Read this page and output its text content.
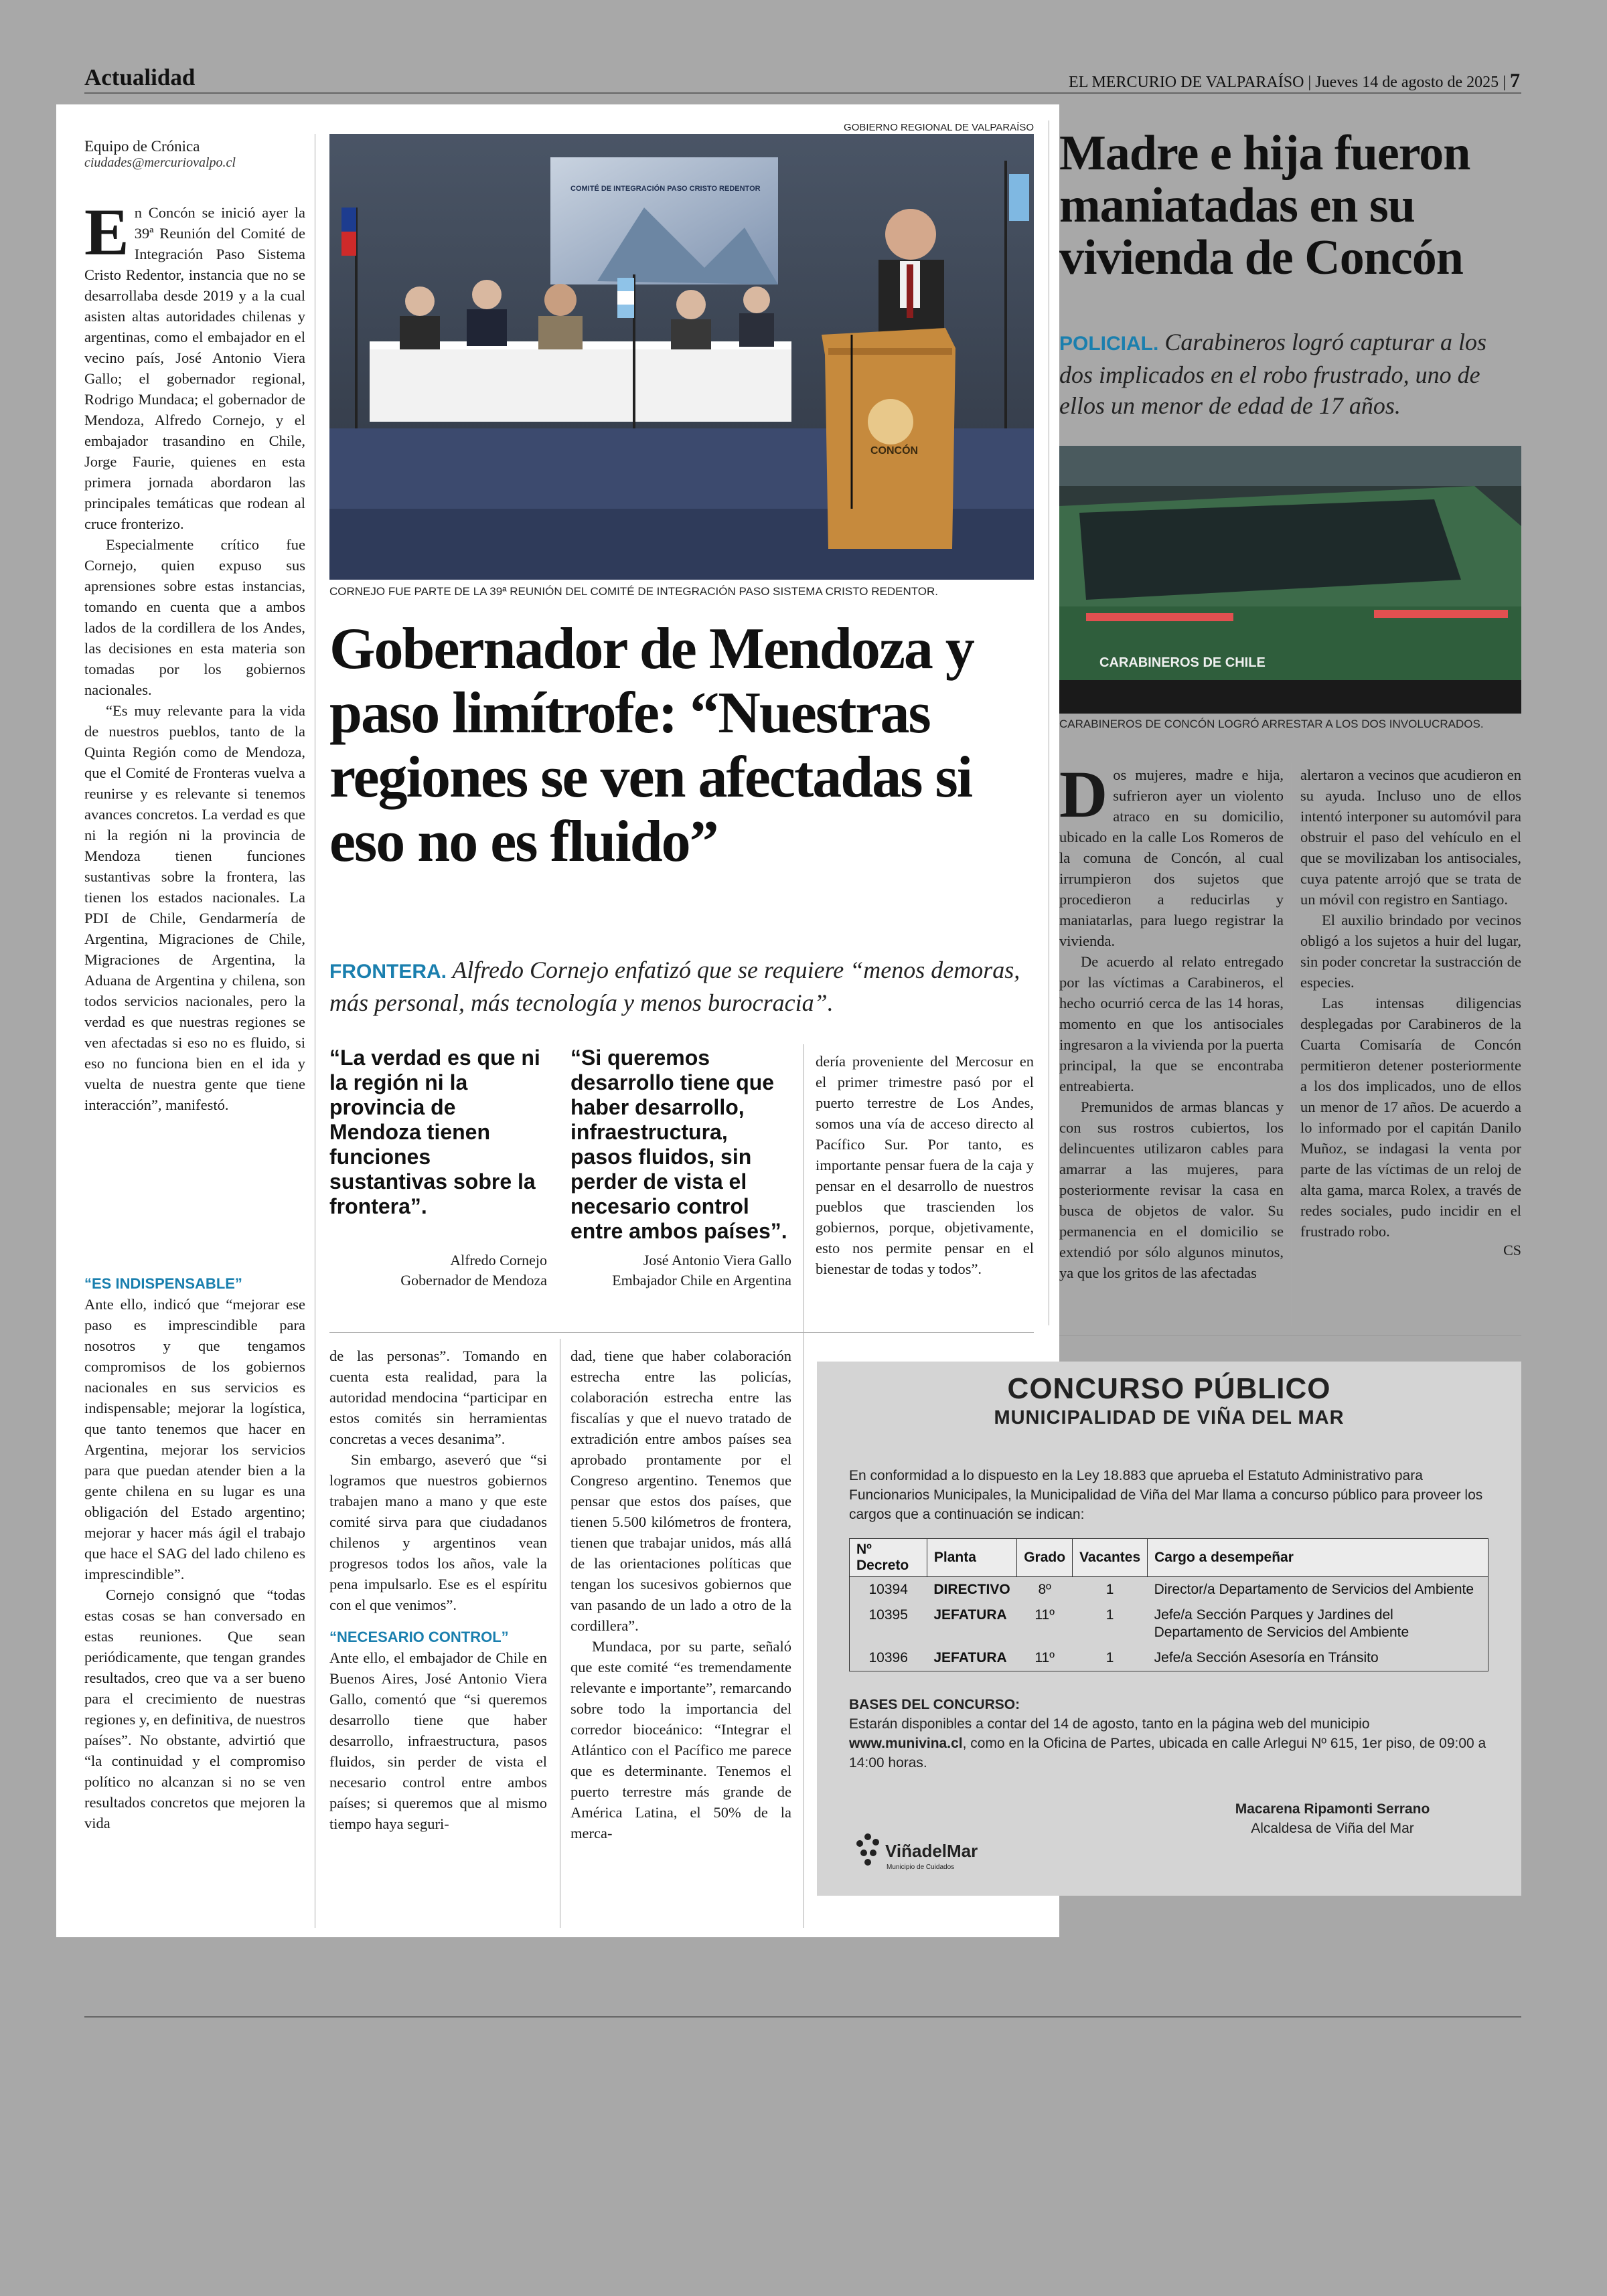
Actualidad	EL MERCURIO DE VALPARAÍSO | Jueves 14 de agosto de 2025 | 7
Equipo de Crónica
ciudades@mercuriovalpo.cl

En Concón se inició ayer la 39ª Reunión del Comité de Integración Paso Sistema Cristo Redentor, instancia que no se desarrollaba desde 2019 y a la cual asisten altas autoridades chilenas y argentinas, como el embajador en el vecino país, José Antonio Viera Gallo; el gobernador regional, Rodrigo Mundaca; el gobernador de Mendoza, Alfredo Cornejo, y el embajador trasandino en Chile, Jorge Faurie, quienes en esta primera jornada abordaron las principales temáticas que rodean al cruce fronterizo.

Especialmente crítico fue Cornejo, quien expuso sus aprensiones sobre estas instancias, tomando en cuenta que a ambos lados de la cordillera de los Andes, las decisiones en esta materia son tomadas por los gobiernos nacionales.

“Es muy relevante para la vida de nuestros pueblos, tanto de la Quinta Región como de Mendoza, que el Comité de Fronteras vuelva a reunirse y es relevante si tenemos avances concretos. La verdad es que ni la región ni la provincia de Mendoza tienen funciones sustantivas sobre la frontera, las tienen los estados nacionales. La PDI de Chile, Gendarmería de Argentina, Migraciones de Chile, Migraciones de Argentina, la Aduana de Argentina y chilena, son todos servicios nacionales, pero la verdad es que nuestras regiones se ven afectadas si eso no es fluido, si eso no funciona bien en el ida y vuelta de nuestra gente que tiene interacción”, manifestó.

“ES INDISPENSABLE”

Ante ello, indicó que “mejorar ese paso es imprescindible para nosotros y que tengamos compromisos de los gobiernos nacionales en sus servicios es indispensable; mejorar la logística, que tanto tenemos que hacer en Argentina, mejorar los servicios para que puedan atender bien a la gente chilena en su lugar es una obligación del Estado argentino; mejorar y hacer más ágil el trabajo que hace el SAG del lado chileno es imprescindible”.

Cornejo consignó que “todas estas cosas se han conversado en estas reuniones. Que sean periódicamente, que tengan grandes resultados, creo que va a ser bueno para el crecimiento de nuestras regiones y, en definitiva, de nuestros países”. No obstante, advirtió que “la continuidad y el compromiso político no alcanzan si no se ven resultados concretos que mejoren la vida

GOBIERNO REGIONAL DE VALPARAÍSO
COMITÉ DE INTEGRACIÓN PASO CRISTO REDENTOR
CONCÓN
CORNEJO FUE PARTE DE LA 39ª REUNIÓN DEL COMITÉ DE INTEGRACIÓN PASO SISTEMA CRISTO REDENTOR.
Gobernador de Mendoza y paso limítrofe: “Nuestras regiones se ven afectadas si eso no es fluido”
FRONTERA. Alfredo Cornejo enfatizó que se requiere “menos demoras, más personal, más tecnología y menos burocracia”.
“La verdad es que ni la región ni la provincia de Mendoza tienen funciones sustantivas sobre la frontera”.
Alfredo Cornejo
Gobernador de Mendoza
“Si queremos desarrollo tiene que haber desarrollo, infraestructura, pasos fluidos, sin perder de vista el necesario control entre ambos países”.
José Antonio Viera Gallo
Embajador Chile en Argentina

dería proveniente del Mercosur en el primer trimestre pasó por el puerto terrestre de Los Andes, somos una vía de acceso directo al Pacífico Sur. Por tanto, es importante pensar fuera de la caja y pensar en el desarrollo de nuestros pueblos que trascienden los gobiernos, porque, objetivamente, esto nos permite pensar en el bienestar de todas y todos”.

de las personas”. Tomando en cuenta esta realidad, para la autoridad mendocina “participar en estos comités sin herramientas concretas a veces desanima”.

Sin embargo, aseveró que “si logramos que nuestros gobiernos trabajen mano a mano y que este comité sirva para que ciudadanos chilenos y argentinos vean progresos todos los años, vale la pena impulsarlo. Ese es el espíritu con el que venimos”.

“NECESARIO CONTROL”

Ante ello, el embajador de Chile en Buenos Aires, José Antonio Viera Gallo, comentó que “si queremos desarrollo tiene que haber desarrollo, infraestructura, pasos fluidos, sin perder de vista el necesario control entre ambos países; si queremos que al mismo tiempo haya seguri-

dad, tiene que haber colaboración estrecha entre las policías, colaboración estrecha entre las fiscalías y que el nuevo tratado de extradición entre ambos países sea aprobado prontamente por el Congreso argentino. Tenemos que pensar que estos dos países, que tienen 5.500 kilómetros de frontera, tienen que trabajar unidos, más allá de las orientaciones políticas que tengan los sucesivos gobiernos que van pasando de un lado a otro de la cordillera”.

Mundaca, por su parte, señaló que este comité “es tremendamente relevante e importante”, remarcando sobre todo la importancia del corredor bioceánico: “Integrar el Atlántico con el Pacífico me parece que es determinante. Tenemos el puerto terrestre más grande de América Latina, el 50% de la merca-

Madre e hija fueron maniatadas en su vivienda de Concón
POLICIAL. Carabineros logró capturar a los dos implicados en el robo frustrado, uno de ellos un menor de edad de 17 años.
CARABINEROS DE CHILE
CARABINEROS DE CONCÓN LOGRÓ ARRESTAR A LOS DOS INVOLUCRADOS.

Dos mujeres, madre e hija, sufrieron ayer un violento atraco en su domicilio, ubicado en la calle Los Romeros de la comuna de Concón, al cual irrumpieron dos sujetos que procedieron a reducirlas y maniatarlas, para luego registrar la vivienda.

De acuerdo al relato entregado por las víctimas a Carabineros, el hecho ocurrió cerca de las 14 horas, momento en que los antisociales ingresaron a la vivienda por la puerta principal, la que se encontraba entreabierta.

Premunidos de armas blancas y con sus rostros cubiertos, los delincuentes utilizaron cables para amarrar a las mujeres, para posteriormente revisar la casa en busca de objetos de valor. Su permanencia en el domicilio se extendió por sólo algunos minutos, ya que los gritos de las afectadas

alertaron a vecinos que acudieron en su ayuda. Incluso uno de ellos intentó interponer su automóvil para obstruir el paso del vehículo en el que se movilizaban los antisociales, cuya patente arrojó que se trata de un móvil con registro en Santiago.

El auxilio brindado por vecinos obligó a los sujetos a huir del lugar, sin poder concretar la sustracción de especies.

Las intensas diligencias desplegadas por Carabineros de la Cuarta Comisaría de Concón permitieron detener posteriormente a los dos implicados, uno de ellos un menor de 17 años. De acuerdo a lo informado por el capitán Danilo Muñoz, se indagasi la venta por parte de las víctimas de un reloj de alta gama, marca Rolex, a través de redes sociales, pudo incidir en el frustrado robo.

CS
CONCURSO PÚBLICO
MUNICIPALIDAD DE VIÑA DEL MAR
En conformidad a lo dispuesto en la Ley 18.883 que aprueba el Estatuto Administrativo para Funcionarios Municipales, la Municipalidad de Viña del Mar llama a concurso público para proveer los cargos que a continuación se indican:
Nº Decreto	Planta	Grado	Vacantes	Cargo a desempeñar
10394	DIRECTIVO	8º	1	Director/a Departamento de Servicios del Ambiente
10395	JEFATURA	11º	1	Jefe/a Sección Parques y Jardines del Departamento de Servicios del Ambiente
10396	JEFATURA	11º	1	Jefe/a Sección Asesoría en Tránsito
BASES DEL CONCURSO:
Estarán disponibles a contar del 14 de agosto, tanto en la página web del municipio www.munivina.cl, como en la Oficina de Partes, ubicada en calle Arlegui Nº 615, 1er piso, de 09:00 a 14:00 horas.
Macarena Ripamonti Serrano
Alcaldesa de Viña del Mar
ViñadelMar
Municipio de Cuidados
